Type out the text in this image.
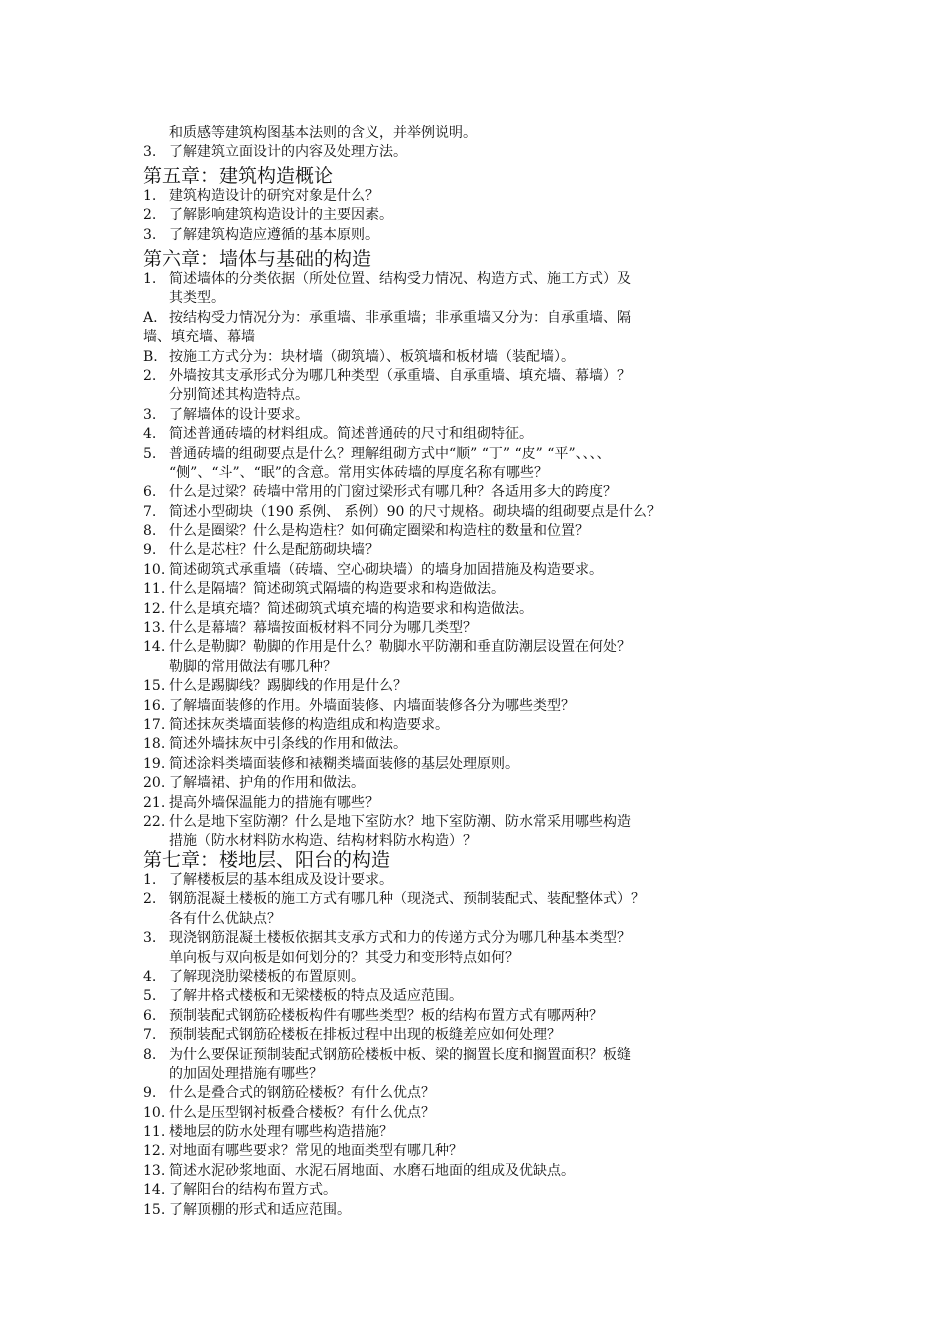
和质感等建筑构图基本法则的含义，并举例说明。
3. 了解建筑立面设计的内容及处理方法。
第五章：建筑构造概论
1. 建筑构造设计的研究对象是什么？
2. 了解影响建筑构造设计的主要因素。
3. 了解建筑构造应遵循的基本原则。
第六章：墙体与基础的构造
1. 简述墙体的分类依据（所处位置、结构受力情况、构造方式、施工方式）及
其类型。
A. 按结构受力情况分为：承重墙、非承重墙；非承重墙又分为：自承重墙、隔
墙、填充墙、幕墙
B. 按施工方式分为：块材墙（砌筑墙）、板筑墙和板材墙（装配墙）。
2. 外墙按其支承形式分为哪几种类型（承重墙、自承重墙、填充墙、幕墙）？
分别简述其构造特点。
3. 了解墙体的设计要求。
4. 简述普通砖墙的材料组成。简述普通砖的尺寸和组砌特征。
5. 普通砖墙的组砌要点是什么？理解组砌方式中“顺” “丁” “皮” “平”、、、、
“侧”、“斗”、“眠”的含意。常用实体砖墙的厚度名称有哪些？
6. 什么是过梁？砖墙中常用的门窗过梁形式有哪几种？各适用多大的跨度？
7. 简述小型砌块（190 系例、 系例）90 的尺寸规格。砌块墙的组砌要点是什么？
8. 什么是圈梁？什么是构造柱？如何确定圈梁和构造柱的数量和位置？
9. 什么是芯柱？什么是配筋砌块墙？
10. 简述砌筑式承重墙（砖墙、空心砌块墙）的墙身加固措施及构造要求。
11. 什么是隔墙？简述砌筑式隔墙的构造要求和构造做法。
12. 什么是填充墙？简述砌筑式填充墙的构造要求和构造做法。
13. 什么是幕墙？幕墙按面板材料不同分为哪几类型？
14. 什么是勒脚？勒脚的作用是什么？勒脚水平防潮和垂直防潮层设置在何处？
勒脚的常用做法有哪几种？
15. 什么是踢脚线？踢脚线的作用是什么？
16. 了解墙面装修的作用。外墙面装修、内墙面装修各分为哪些类型？
17. 简述抹灰类墙面装修的构造组成和构造要求。
18. 简述外墙抹灰中引条线的作用和做法。
19. 简述涂料类墙面装修和裱糊类墙面装修的基层处理原则。
20. 了解墙裙、护角的作用和做法。
21. 提高外墙保温能力的措施有哪些？
22. 什么是地下室防潮？什么是地下室防水？地下室防潮、防水常采用哪些构造
措施（防水材料防水构造、结构材料防水构造）？
第七章：楼地层、阳台的构造
1. 了解楼板层的基本组成及设计要求。
2. 钢筋混凝土楼板的施工方式有哪几种（现浇式、预制装配式、装配整体式）？
各有什么优缺点？
3. 现浇钢筋混凝土楼板依据其支承方式和力的传递方式分为哪几种基本类型？
单向板与双向板是如何划分的？其受力和变形特点如何？
4. 了解现浇肋梁楼板的布置原则。
5. 了解井格式楼板和无梁楼板的特点及适应范围。
6. 预制装配式钢筋砼楼板构件有哪些类型？板的结构布置方式有哪两种？
7. 预制装配式钢筋砼楼板在排板过程中出现的板缝差应如何处理？
8. 为什么要保证预制装配式钢筋砼楼板中板、梁的搁置长度和搁置面积？板缝
的加固处理措施有哪些？
9. 什么是叠合式的钢筋砼楼板？有什么优点？
10. 什么是压型钢衬板叠合楼板？有什么优点？
11. 楼地层的防水处理有哪些构造措施？
12. 对地面有哪些要求？常见的地面类型有哪几种？
13. 简述水泥砂浆地面、水泥石屑地面、水磨石地面的组成及优缺点。
14. 了解阳台的结构布置方式。
15. 了解顶棚的形式和适应范围。
